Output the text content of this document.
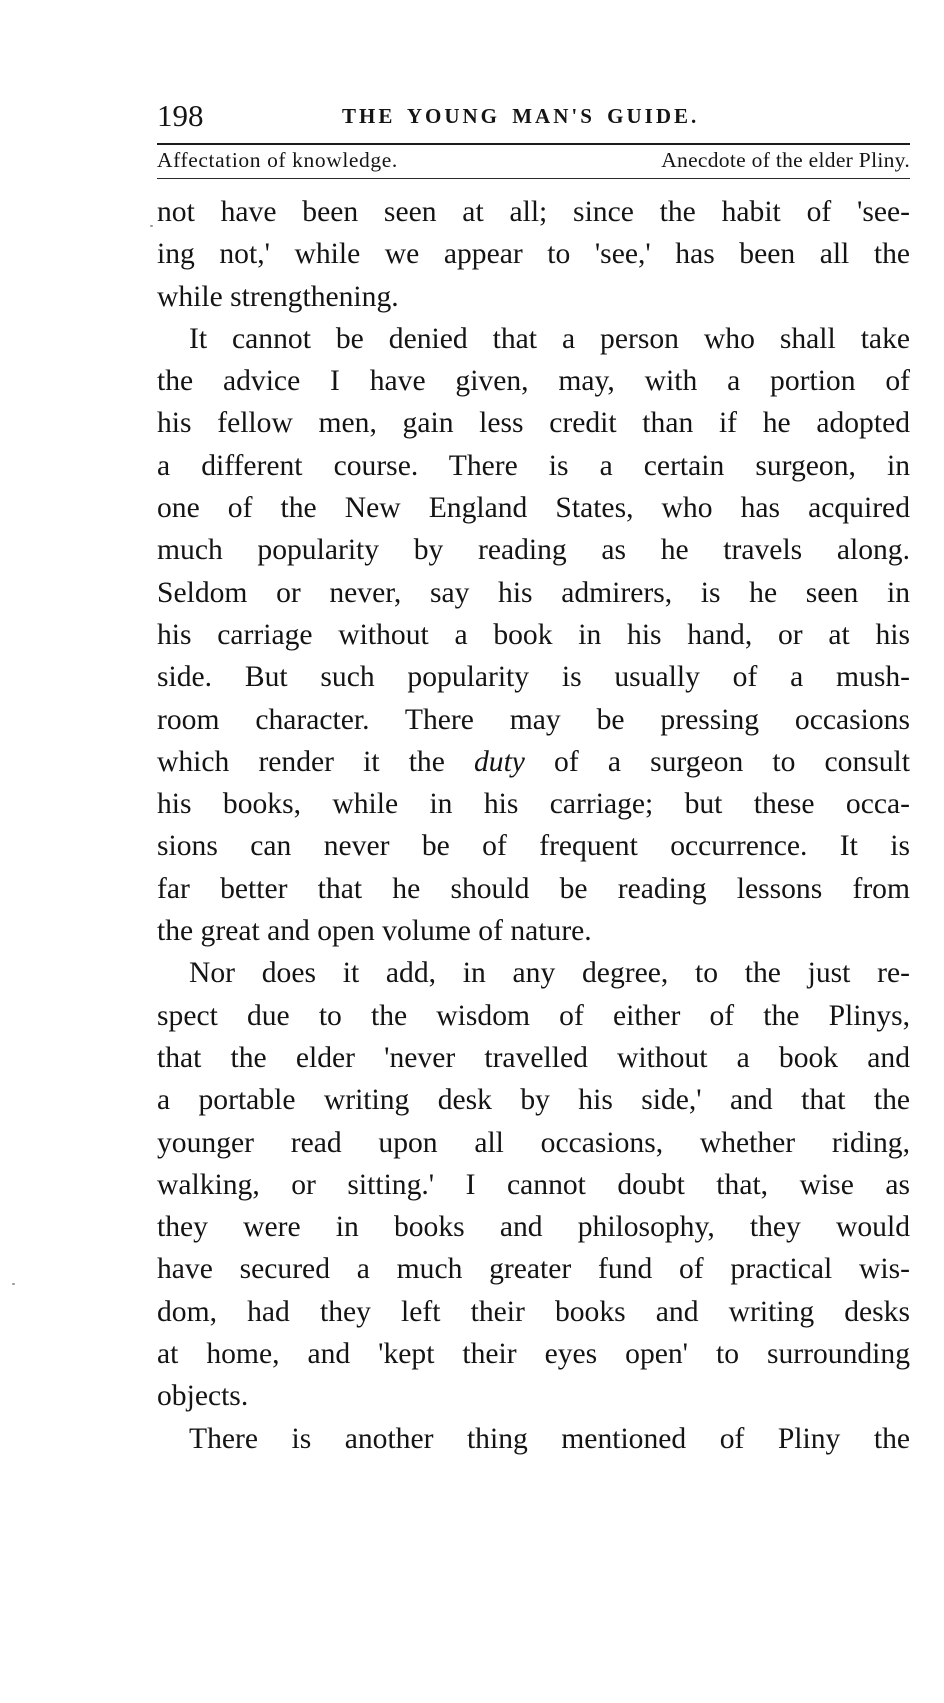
198	THE YOUNG MAN'S GUIDE.
Affectation of knowledge.	Anecdote of the elder Pliny.
not have been seen at all; since the habit of 'see-
ing not,' while we appear to 'see,' has been all the
while strengthening.
It cannot be denied that a person who shall take
the advice I have given, may, with a portion of
his fellow men, gain less credit than if he adopted
a different course. There is a certain surgeon, in
one of the New England States, who has acquired
much popularity by reading as he travels along.
Seldom or never, say his admirers, is he seen in
his carriage without a book in his hand, or at his
side. But such popularity is usually of a mush-
room character. There may be pressing occasions
which render it the duty of a surgeon to consult
his books, while in his carriage; but these occa-
sions can never be of frequent occurrence. It is
far better that he should be reading lessons from
the great and open volume of nature.
Nor does it add, in any degree, to the just re-
spect due to the wisdom of either of the Plinys,
that the elder 'never travelled without a book and
a portable writing desk by his side,' and that the
younger read upon all occasions, whether riding,
walking, or sitting.' I cannot doubt that, wise as
they were in books and philosophy, they would
have secured a much greater fund of practical wis-
dom, had they left their books and writing desks
at home, and 'kept their eyes open' to surrounding
objects.
There is another thing mentioned of Pliny the
